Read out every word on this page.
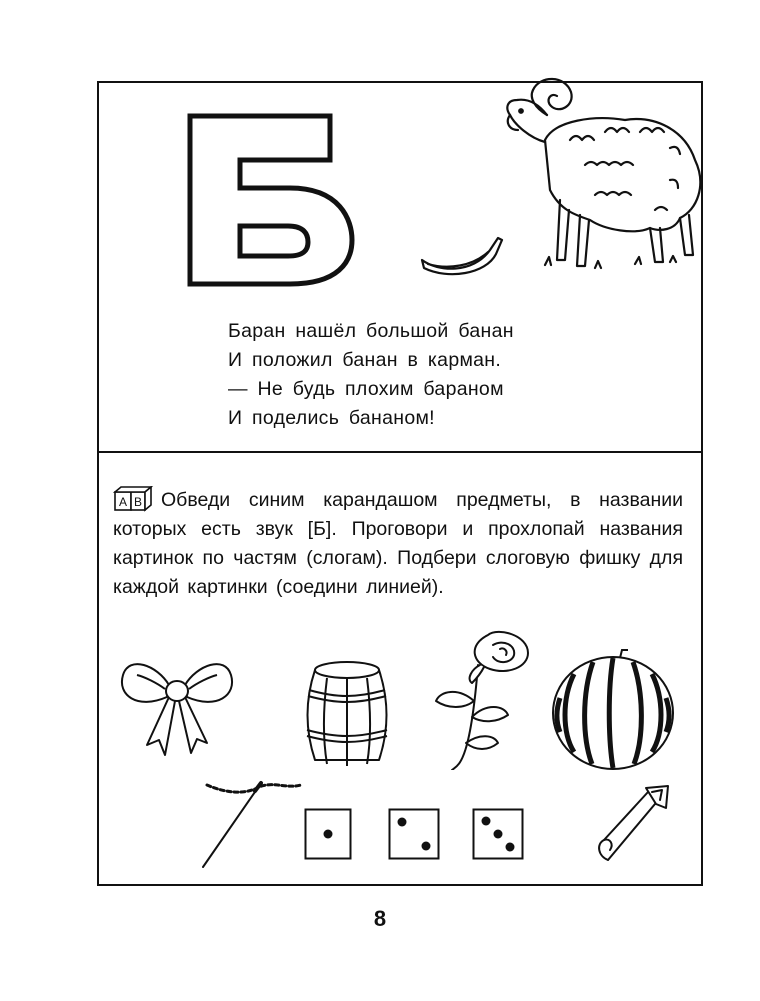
Баран нашёл большой банан
И положил банан в карман.
— Не будь плохим бараном
И поделись бананом!
А В Обведи синим карандашом предметы, в названии которых есть звук [Б]. Проговори и прохлопай названия картинок по частям (слогам). Подбери слоговую фишку для каждой картинки (соедини линией).
8
